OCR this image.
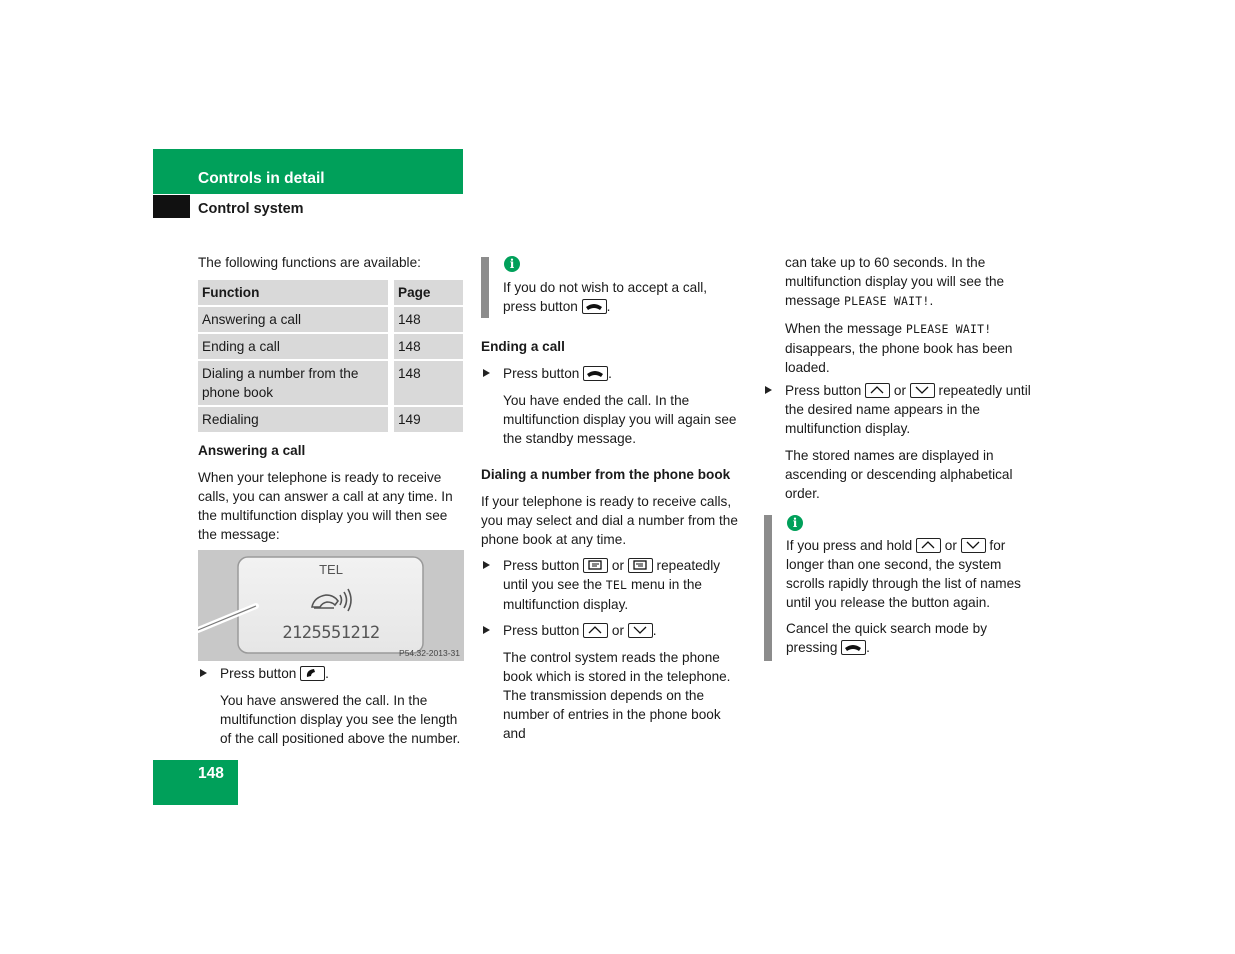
Controls in detail
Control system

The following functions are available:

Function	Page
Answering a call	148
Ending a call	148
Dialing a number from the phone book	148
Redialing	149

Answering a call

When your telephone is ready to receive calls, you can answer a call at any time. In the multifunction display you will then see the message:

TEL
2125551212
P54.32-2013-31
Press button .

You have answered the call. In the multifunction display you see the length of the call positioned above the number.

i
If you do not wish to accept a call, press button .

Ending a call

Press button .

You have ended the call. In the multifunction display you will again see the standby message.

Dialing a number from the phone book

If your telephone is ready to receive calls, you may select and dial a number from the phone book at any time.

Press button or repeatedly until you see the TEL menu in the multifunction display.
Press button or .

The control system reads the phone book which is stored in the telephone. The transmission depends on the number of entries in the phone book and

can take up to 60 seconds. In the multifunction display you will see the message PLEASE WAIT!.

When the message PLEASE WAIT! disappears, the phone book has been loaded.

Press button or repeatedly until the desired name appears in the multifunction display.

The stored names are displayed in ascending or descending alphabetical order.

i

If you press and hold or for longer than one second, the system scrolls rapidly through the list of names until you release the button again.

Cancel the quick search mode by pressing .

148
